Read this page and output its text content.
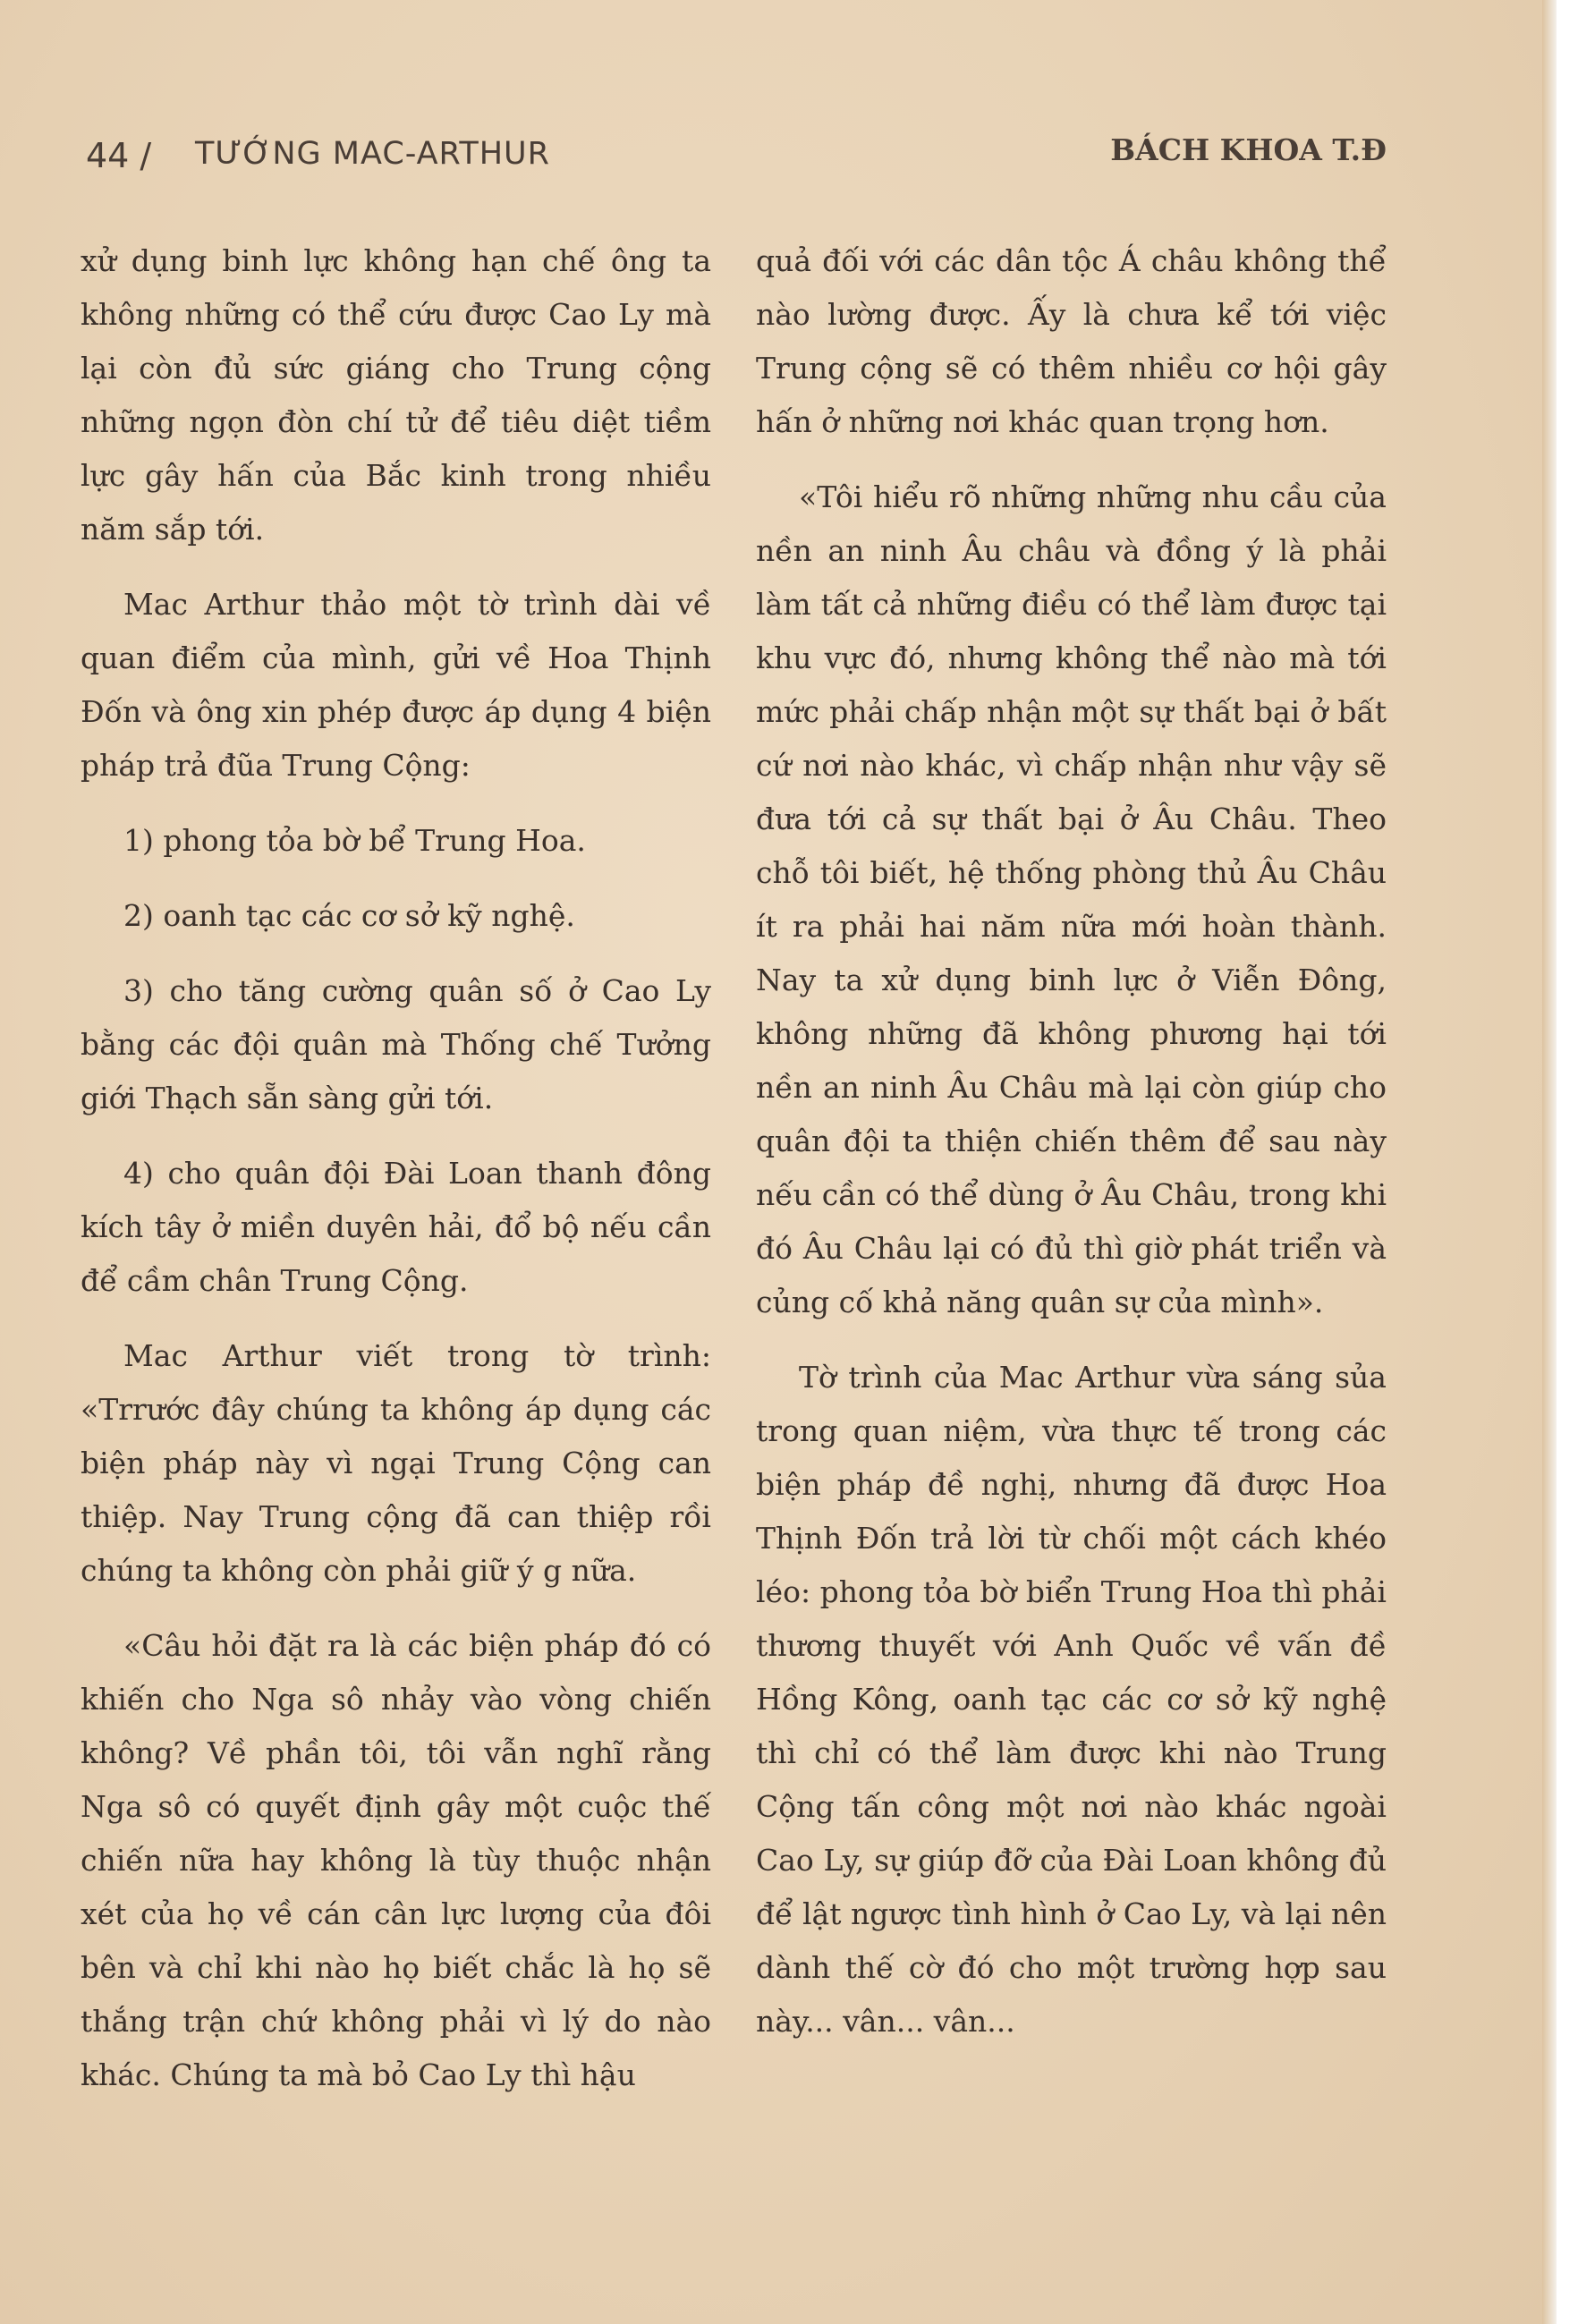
44 / TƯỚNG MAC-ARTHUR	BÁCH KHOA T.Đ

xử dụng binh lực không hạn chế ông ta không những có thể cứu được Cao Ly mà lại còn đủ sức giáng cho Trung cộng những ngọn đòn chí tử để tiêu diệt tiềm lực gây hấn của Bắc kinh trong nhiều năm sắp tới.

Mac Arthur thảo một tờ trình dài về quan điểm của mình, gửi về Hoa Thịnh Đốn và ông xin phép được áp dụng 4 biện pháp trả đũa Trung Cộng:

1) phong tỏa bờ bể Trung Hoa.

2) oanh tạc các cơ sở kỹ nghệ.

3) cho tăng cường quân số ở Cao Ly bằng các đội quân mà Thống chế Tưởng giới Thạch sẵn sàng gửi tới.

4) cho quân đội Đài Loan thanh đông kích tây ở miền duyên hải, đổ bộ nếu cần để cầm chân Trung Cộng.

Mac Arthur viết trong tờ trình: «Trrước đây chúng ta không áp dụng các biện pháp này vì ngại Trung Cộng can thiệp. Nay Trung cộng đã can thiệp rồi chúng ta không còn phải giữ ý g nữa.

«Câu hỏi đặt ra là các biện pháp đó có khiến cho Nga sô nhảy vào vòng chiến không? Về phần tôi, tôi vẫn nghĩ rằng Nga sô có quyết định gây một cuộc thế chiến nữa hay không là tùy thuộc nhận xét của họ về cán cân lực lượng của đôi bên và chỉ khi nào họ biết chắc là họ sẽ thắng trận chứ không phải vì lý do nào khác. Chúng ta mà bỏ Cao Ly thì hậu

quả đối với các dân tộc Á châu không thể nào lường được. Ấy là chưa kể tới việc Trung cộng sẽ có thêm nhiều cơ hội gây hấn ở những nơi khác quan trọng hơn.

«Tôi hiểu rõ những những nhu cầu của nền an ninh Âu châu và đồng ý là phải làm tất cả những điều có thể làm được tại khu vực đó, nhưng không thể nào mà tới mức phải chấp nhận một sự thất bại ở bất cứ nơi nào khác, vì chấp nhận như vậy sẽ đưa tới cả sự thất bại ở Âu Châu. Theo chỗ tôi biết, hệ thống phòng thủ Âu Châu ít ra phải hai năm nữa mới hoàn thành. Nay ta xử dụng binh lực ở Viễn Đông, không những đã không phương hại tới nền an ninh Âu Châu mà lại còn giúp cho quân đội ta thiện chiến thêm để sau này nếu cần có thể dùng ở Âu Châu, trong khi đó Âu Châu lại có đủ thì giờ phát triển và củng cố khả năng quân sự của mình».

Tờ trình của Mac Arthur vừa sáng sủa trong quan niệm, vừa thực tế trong các biện pháp đề nghị, nhưng đã được Hoa Thịnh Đốn trả lời từ chối một cách khéo léo: phong tỏa bờ biển Trung Hoa thì phải thương thuyết với Anh Quốc về vấn đề Hồng Kông, oanh tạc các cơ sở kỹ nghệ thì chỉ có thể làm được khi nào Trung Cộng tấn công một nơi nào khác ngoài Cao Ly, sự giúp đỡ của Đài Loan không đủ để lật ngược tình hình ở Cao Ly, và lại nên dành thế cờ đó cho một trường hợp sau này... vân... vân...
